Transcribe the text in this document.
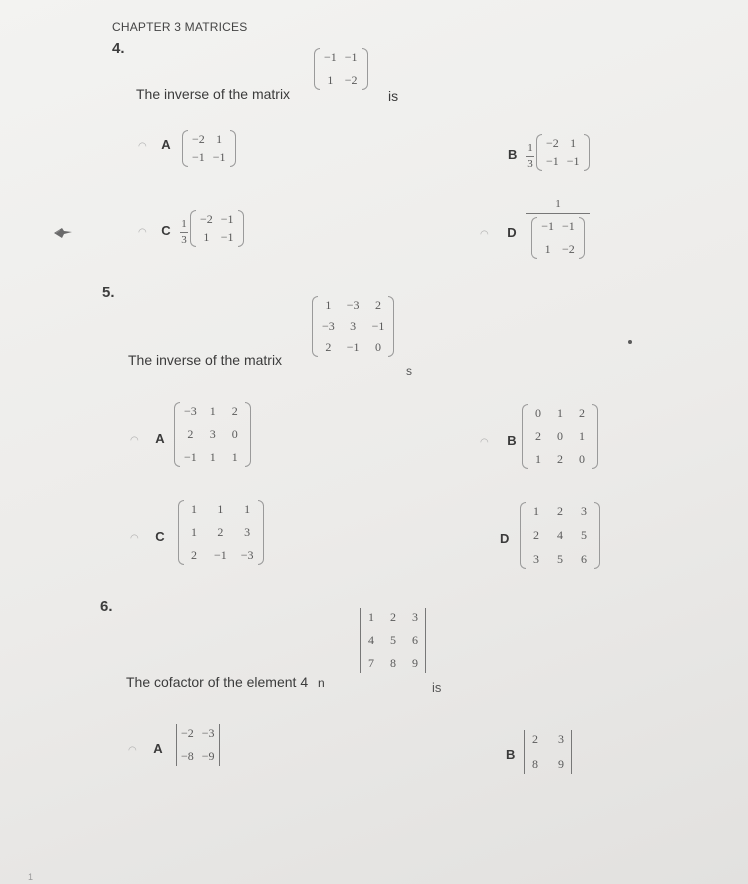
CHAPTER 3 MATRICES
4.
The inverse of the matrix
−1 −1
1 −2
is
◠ A −2 1
−1 −1	B $\frac{1}{3} -2$ 1
−1 −1
◠ C $\frac{1}{3} -2 -1$
1 −1	◠ D
1
−1 −1
1 −2
5.
1 −3 2
−3 3 −1
2 −1 0
The inverse of the matrix
s
◠ A
−3 1 2
2 3 0
−1 1 1
◠ B
0 1 2
2 0 1
1 2 0
◠ C
1 1 1
1 2 3
2 −1 −3
D
1 2 3
2 4 5
3 5 6
6.
1 2 3
4 5 6
7 8 9
The cofactor of the element 4 n	is
◠ A
−2 −3
−8 −9	B
2 3
8 9
1
